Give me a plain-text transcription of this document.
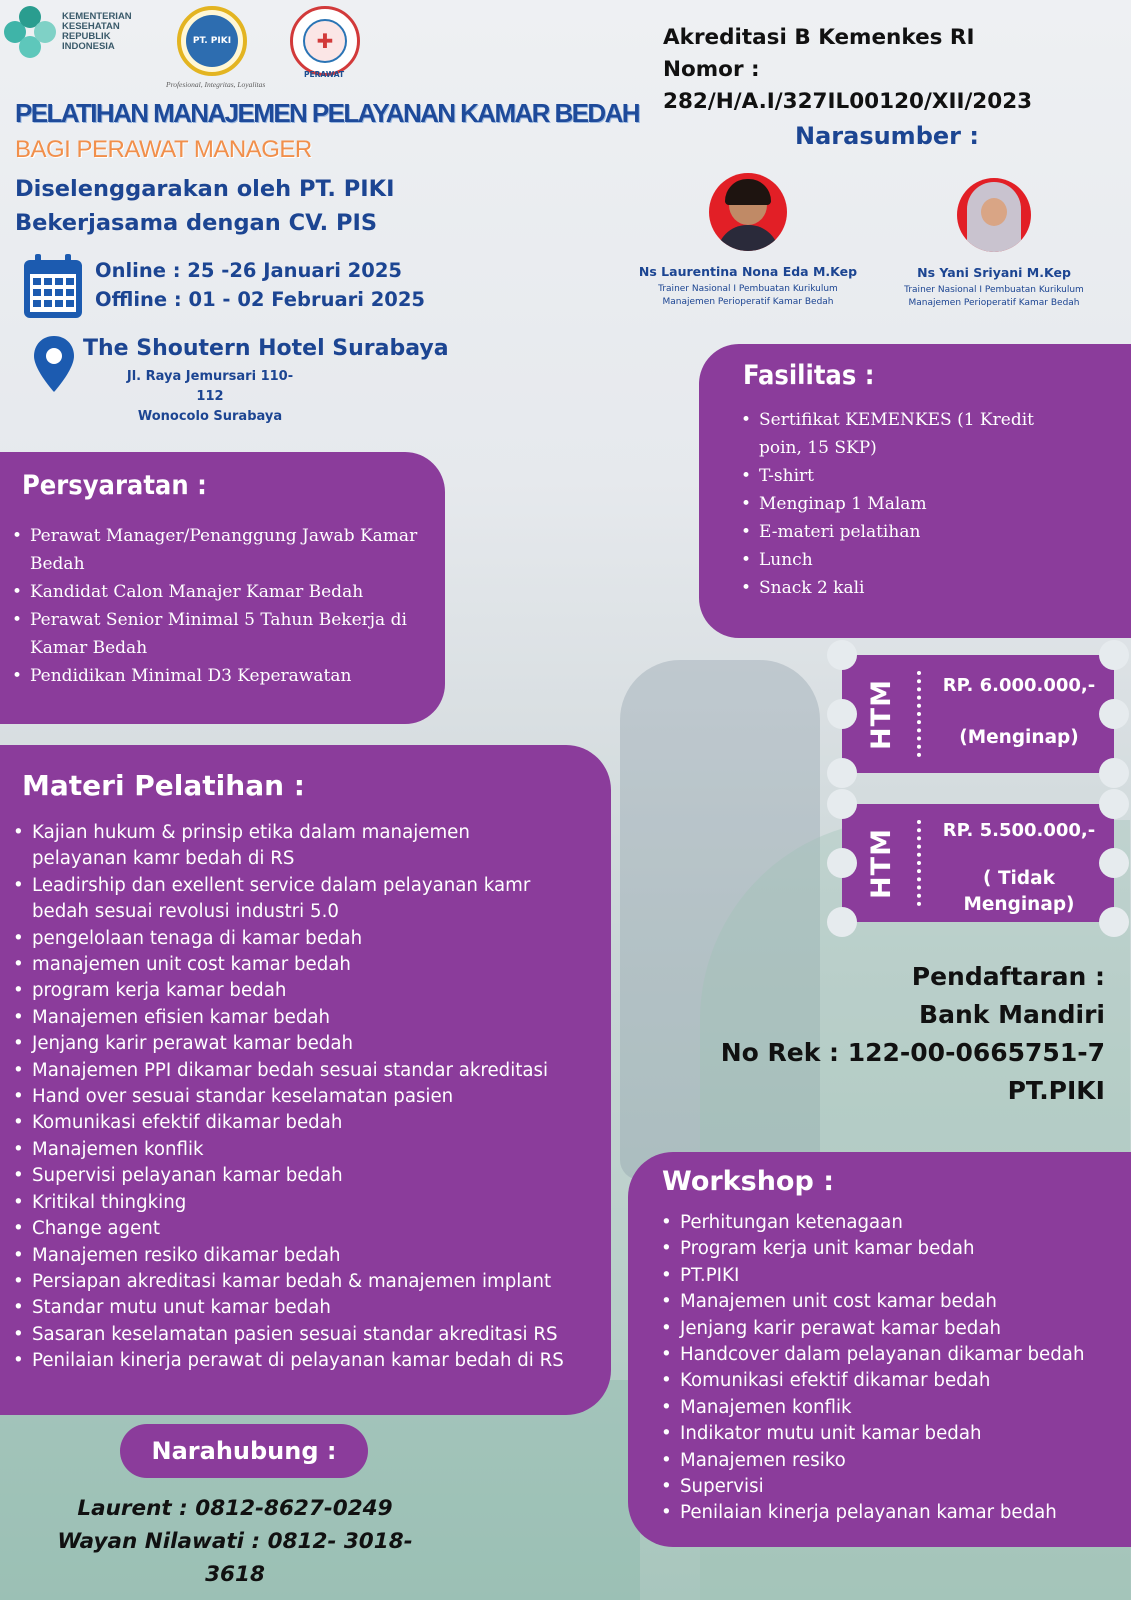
KEMENTERIAN KESEHATAN REPUBLIK INDONESIA	PT. PIKI
Profesional, Integritas, Loyalitas
✚
PERAWAT
Akreditasi B Kemenkes RI
Nomor : 282/H/A.I/327IL00120/XII/2023
PELATIHAN MANAJEMEN PELAYANAN KAMAR BEDAH
BAGI PERAWAT MANAGER
Diselenggarakan oleh PT. PIKI
Bekerjasama dengan CV. PIS
Online : 25 -26 Januari 2025
Offline : 01 - 02 Februari 2025
The Shoutern Hotel Surabaya
Jl. Raya Jemursari 110-112
Wonocolo Surabaya
Narasumber :
Ns Laurentina Nona Eda M.Kep
Trainer Nasional I Pembuatan Kurikulum
Manajemen Perioperatif Kamar Bedah
Ns Yani Sriyani M.Kep
Trainer Nasional I Pembuatan Kurikulum
Manajemen Perioperatif Kamar Bedah
Persyaratan :
• Perawat Manager/Penanggung Jawab Kamar Bedah
• Kandidat Calon Manajer Kamar Bedah
• Perawat Senior Minimal 5 Tahun Bekerja di Kamar Bedah
• Pendidikan Minimal D3 Keperawatan
Fasilitas :
• Sertifikat KEMENKES (1 Kredit poin, 15 SKP)
• T-shirt
• Menginap 1 Malam
• E-materi pelatihan
• Lunch
• Snack 2 kali
HTM	RP. 6.000.000,-
(Menginap)
HTM	RP. 5.500.000,-
( Tidak Menginap)
Pendaftaran :
Bank Mandiri
No Rek : 122-00-0665751-7
PT.PIKI
Materi Pelatihan :
• Kajian hukum & prinsip etika dalam manajemen pelayanan kamr bedah di RS
• Leadirship dan exellent service dalam pelayanan kamr bedah sesuai revolusi industri 5.0
• pengelolaan tenaga di kamar bedah
• manajemen unit cost kamar bedah
• program kerja kamar bedah
• Manajemen efisien kamar bedah
• Jenjang karir perawat kamar bedah
• Manajemen PPI dikamar bedah sesuai standar akreditasi
• Hand over sesuai standar keselamatan pasien
• Komunikasi efektif dikamar bedah
• Manajemen konflik
• Supervisi pelayanan kamar bedah
• Kritikal thingking
• Change agent
• Manajemen resiko dikamar bedah
• Persiapan akreditasi kamar bedah & manajemen implant
• Standar mutu unut kamar bedah
• Sasaran keselamatan pasien sesuai standar akreditasi RS
• Penilaian kinerja perawat di pelayanan kamar bedah di RS
Workshop :
• Perhitungan ketenagaan
• Program kerja unit kamar bedah
• PT.PIKI
• Manajemen unit cost kamar bedah
• Jenjang karir perawat kamar bedah
• Handcover dalam pelayanan dikamar bedah
• Komunikasi efektif dikamar bedah
• Manajemen konflik
• Indikator mutu unit kamar bedah
• Manajemen resiko
• Supervisi
• Penilaian kinerja pelayanan kamar bedah
Narahubung :
Laurent : 0812-8627-0249
Wayan Nilawati : 0812- 3018-3618
